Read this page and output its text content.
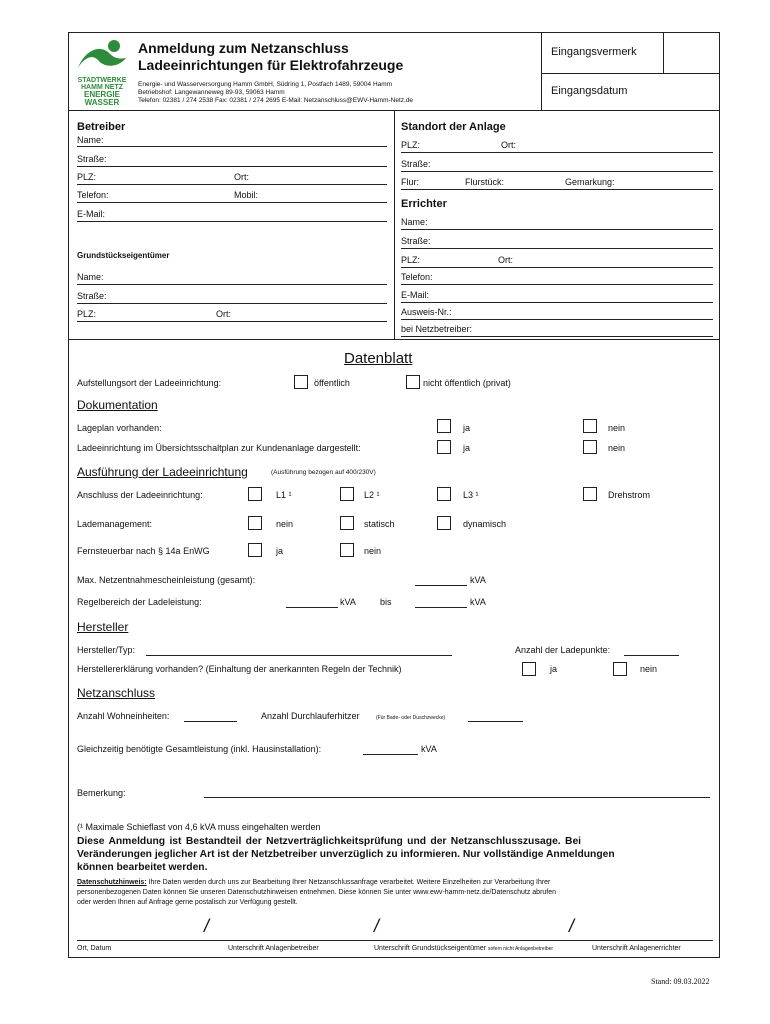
STADTWERKE
HAMM NETZ
ENERGIE
WASSER
Anmeldung zum Netzanschluss
Ladeeinrichtungen für Elektrofahrzeuge
Energie- und Wasserversorgung Hamm GmbH, Südring 1, Postfach 1489, 59004 Hamm
Betriebshof: Langewanneweg 89-93, 59063 Hamm
Telefon: 02381 / 274 2538 Fax: 02381 / 274 2695 E-Mail: Netzanschluss@EWV-Hamm-Netz.de
Eingangsvermerk
Eingangsdatum
Betreiber
Name:
Straße:
PLZ:	Ort:
Telefon:	Mobil:
E-Mail:
Grundstückseigentümer
Name:
Straße:
PLZ:	Ort:
Standort der Anlage
PLZ:	Ort:
Straße:
Flur:	Flurstück:	Gemarkung:
Errichter
Name:
Straße:
PLZ:	Ort:
Telefon:
E-Mail:
Ausweis-Nr.:
bei Netzbetreiber:
Datenblatt
Aufstellungsort der Ladeeinrichtung:	öffentlich	nicht öffentlich (privat)
Dokumentation
Lageplan vorhanden:	ja	nein
Ladeeinrichtung im Übersichtsschaltplan zur Kundenanlage dargestellt:	ja	nein
Ausführung der Ladeeinrichtung	(Ausführung bezogen auf 400/230V)
Anschluss der Ladeeinrichtung:	L1 ¹	L2 ¹	L3 ¹	Drehstrom
Lademanagement:	nein	statisch	dynamisch
Fernsteuerbar nach § 14a EnWG	ja	nein
Max. Netzentnahmescheinleistung (gesamt):	kVA
Regelbereich der Ladeleistung:	kVA	bis	kVA
Hersteller
Hersteller/Typ:	Anzahl der Ladepunkte:
Herstellererklärung vorhanden? (Einhaltung der anerkannten Regeln der Technik)	ja	nein
Netzanschluss
Anzahl Wohneinheiten:	Anzahl Durchlauferhitzer	(Für Bade- oder Duschzwecke)
Gleichzeitig benötigte Gesamtleistung (inkl. Hausinstallation):	kVA
Bemerkung:
(¹ Maximale Schieflast von 4,6 kVA muss eingehalten werden
Diese Anmeldung ist Bestandteil der Netzverträglichkeitsprüfung und der Netzanschlusszusage. Bei
Veränderungen jeglicher Art ist der Netzbetreiber unverzüglich zu informieren. Nur vollständige Anmeldungen
können bearbeitet werden.
Datenschutzhinweis: Ihre Daten werden durch uns zur Bearbeitung Ihrer Netzanschlussanfrage verarbeitet. Weitere Einzelheiten zur Verarbeitung Ihrer
personenbezogenen Daten können Sie unseren Datenschutzhinweisen entnehmen. Diese können Sie unter www.ewv-hamm-netz.de/Datenschutz abrufen
oder werden Ihnen auf Anfrage gerne postalisch zur Verfügung gestellt.
/	/	/
Ort, Datum	Unterschrift Anlagenbetreiber	Unterschrift Grundstückseigentümer sofern nicht Anlagenbetreiber	Unterschrift Anlagenerrichter
Stand: 09.03.2022
